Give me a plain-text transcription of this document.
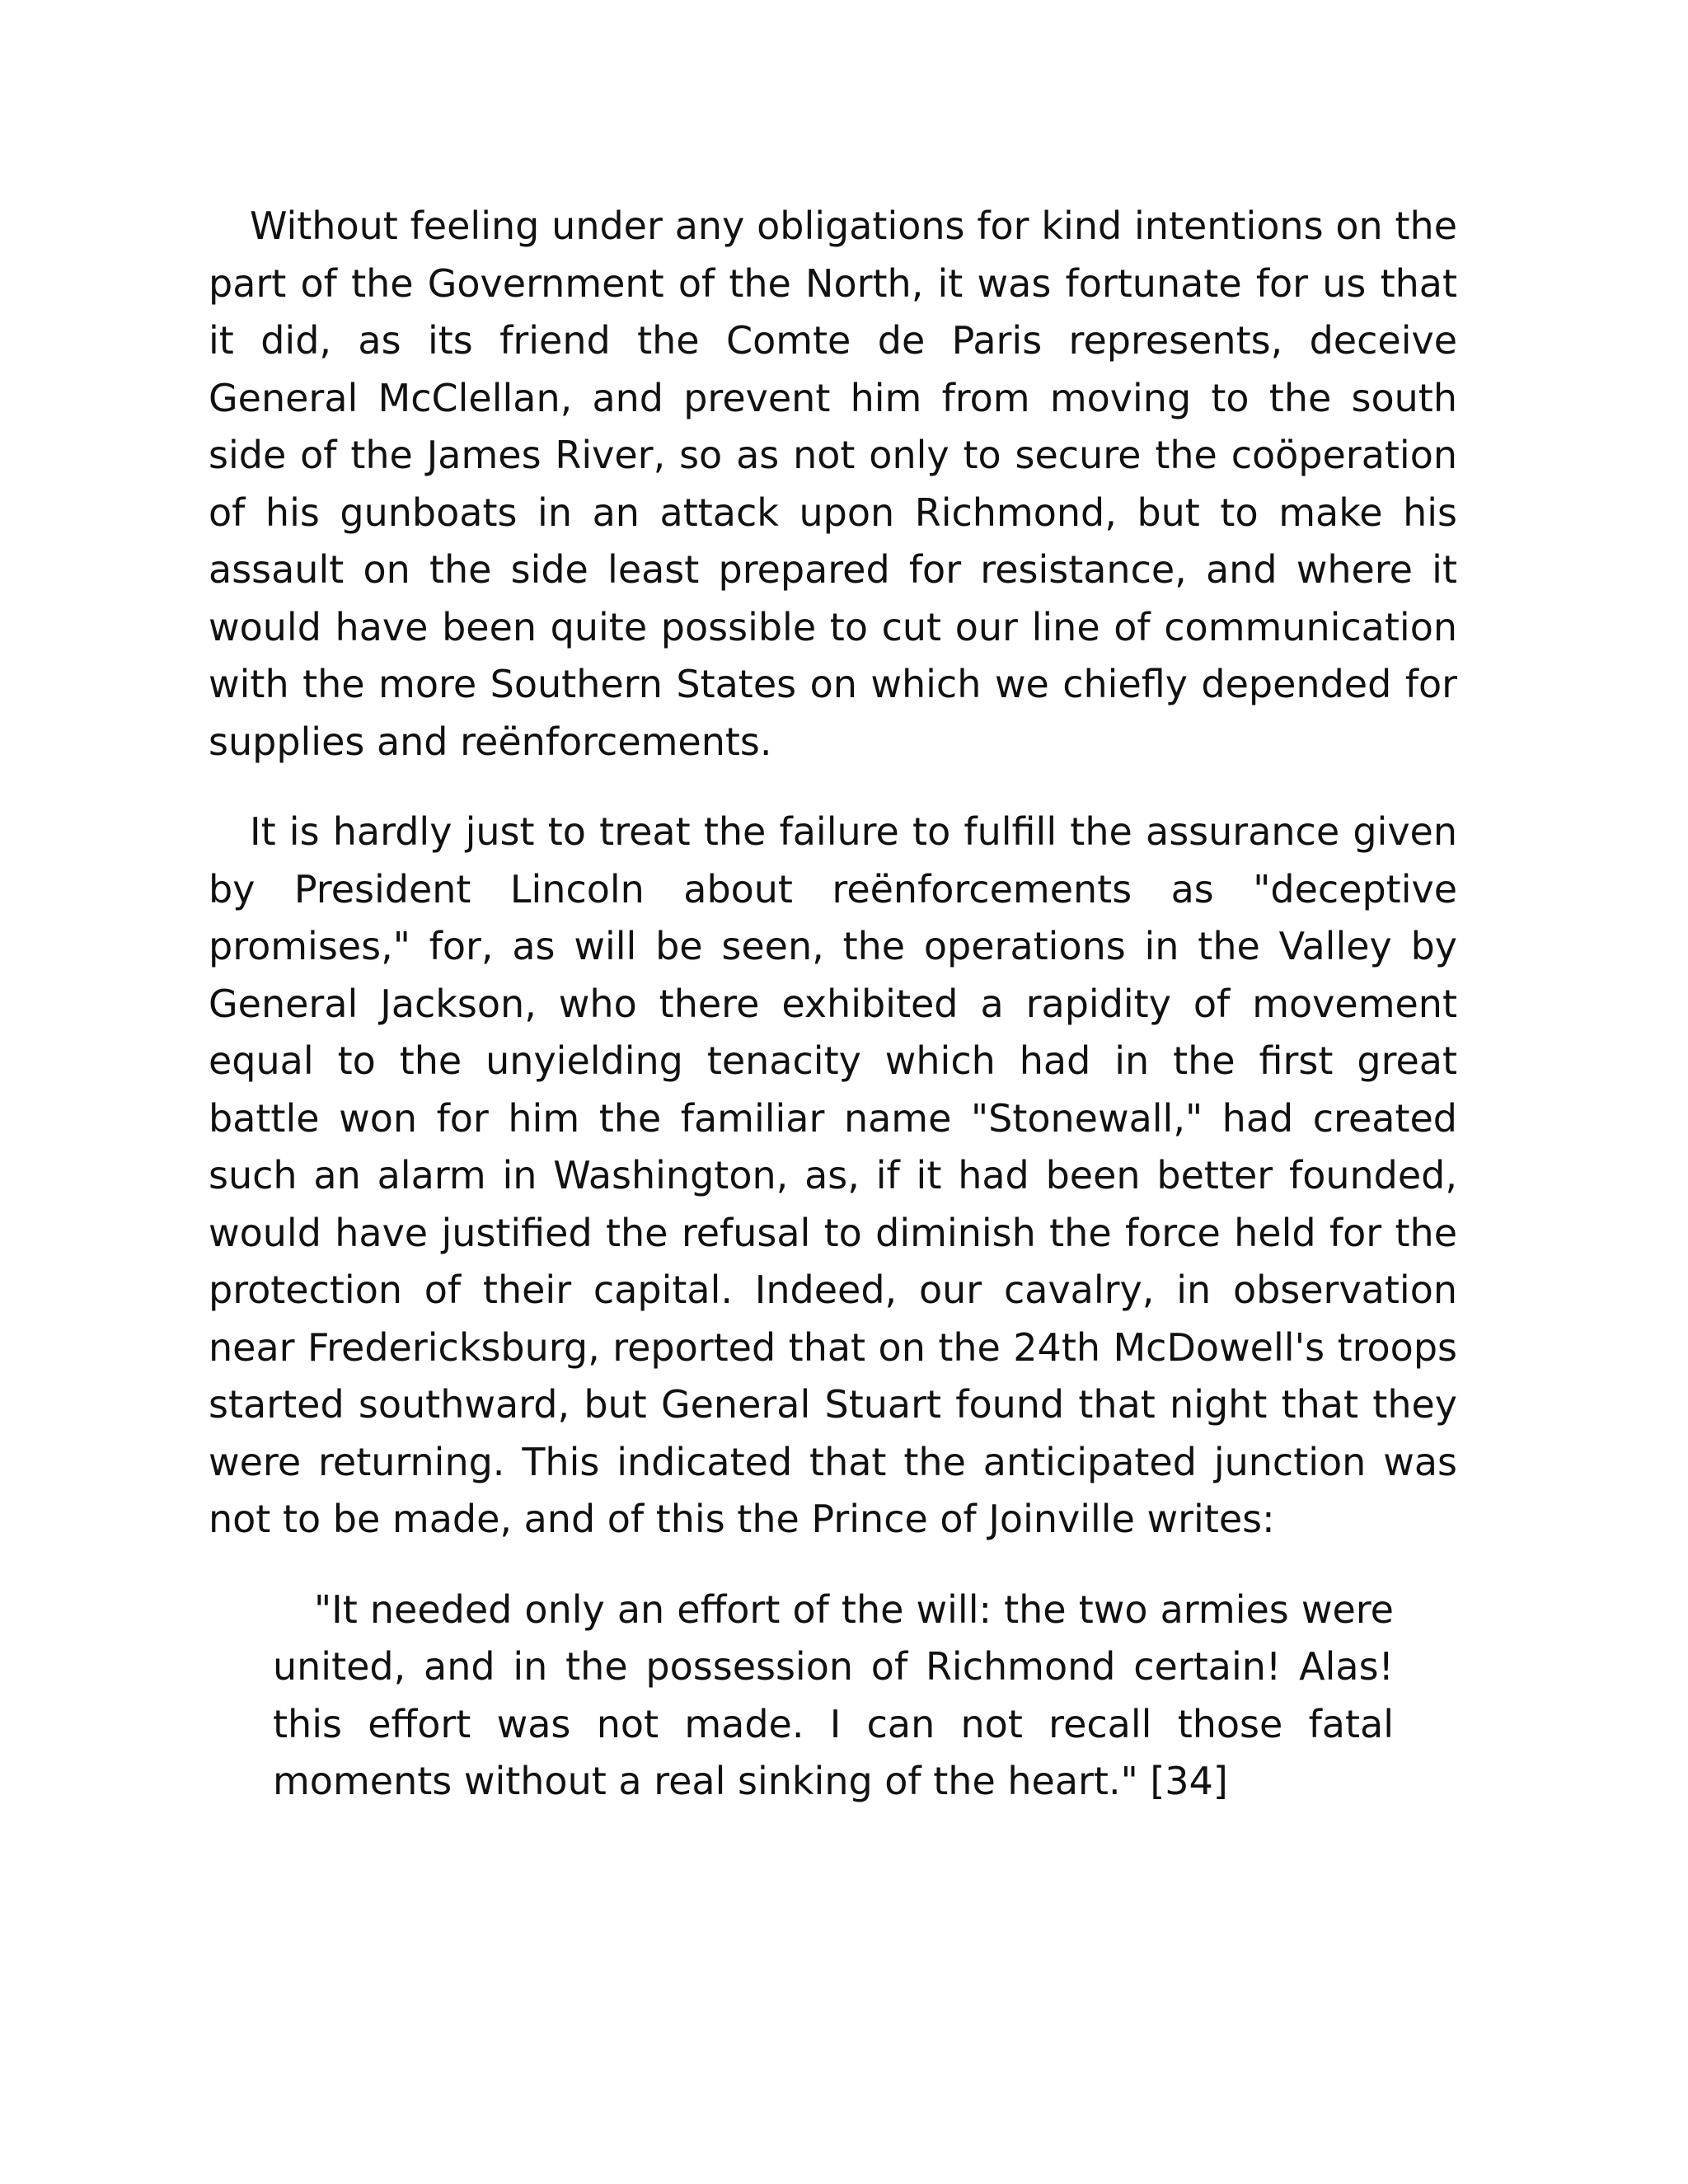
Without feeling under any obligations for kind intentions on the part of the Government of the North, it was fortunate for us that it did, as its friend the Comte de Paris represents, deceive General McClellan, and prevent him from moving to the south side of the James River, so as not only to secure the coöperation of his gunboats in an attack upon Richmond, but to make his assault on the side least prepared for resistance, and where it would have been quite possible to cut our line of communication with the more Southern States on which we chiefly depended for supplies and reënforcements.

It is hardly just to treat the failure to fulfill the assurance given by President Lincoln about reënforcements as "deceptive promises," for, as will be seen, the operations in the Valley by General Jackson, who there exhibited a rapidity of movement equal to the unyielding tenacity which had in the first great battle won for him the familiar name "Stonewall," had created such an alarm in Washington, as, if it had been better founded, would have justified the refusal to diminish the force held for the protection of their capital. Indeed, our cavalry, in observation near Fredericksburg, reported that on the 24th McDowell's troops started southward, but General Stuart found that night that they were returning. This indicated that the anticipated junction was not to be made, and of this the Prince of Joinville writes:

"It needed only an effort of the will: the two armies were united, and in the possession of Richmond certain! Alas! this effort was not made. I can not recall those fatal moments without a real sinking of the heart." [34]
